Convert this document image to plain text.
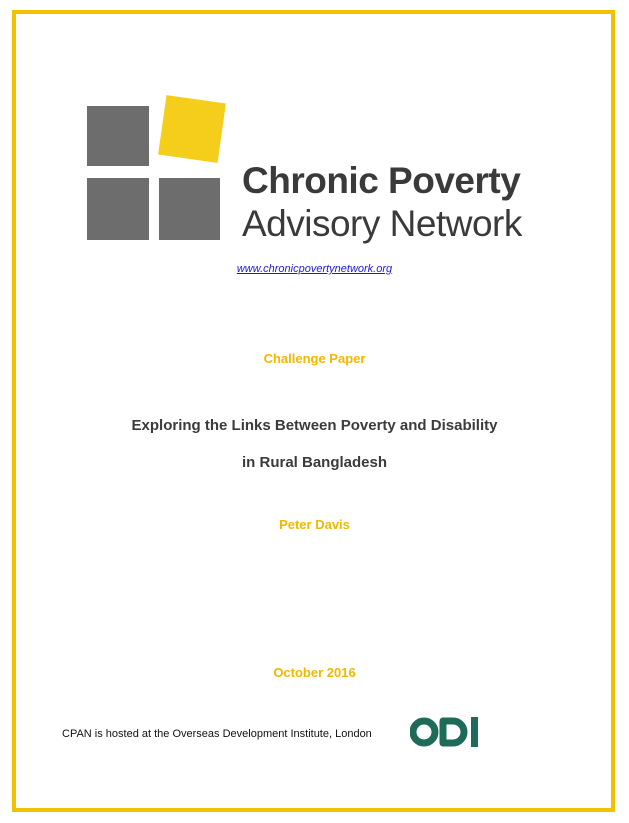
Chronic Poverty
Advisory Network
www.chronicpovertynetwork.org
Challenge Paper
Exploring the Links Between Poverty and Disability
in Rural Bangladesh
Peter Davis
October 2016
CPAN is hosted at the Overseas Development Institute, London
